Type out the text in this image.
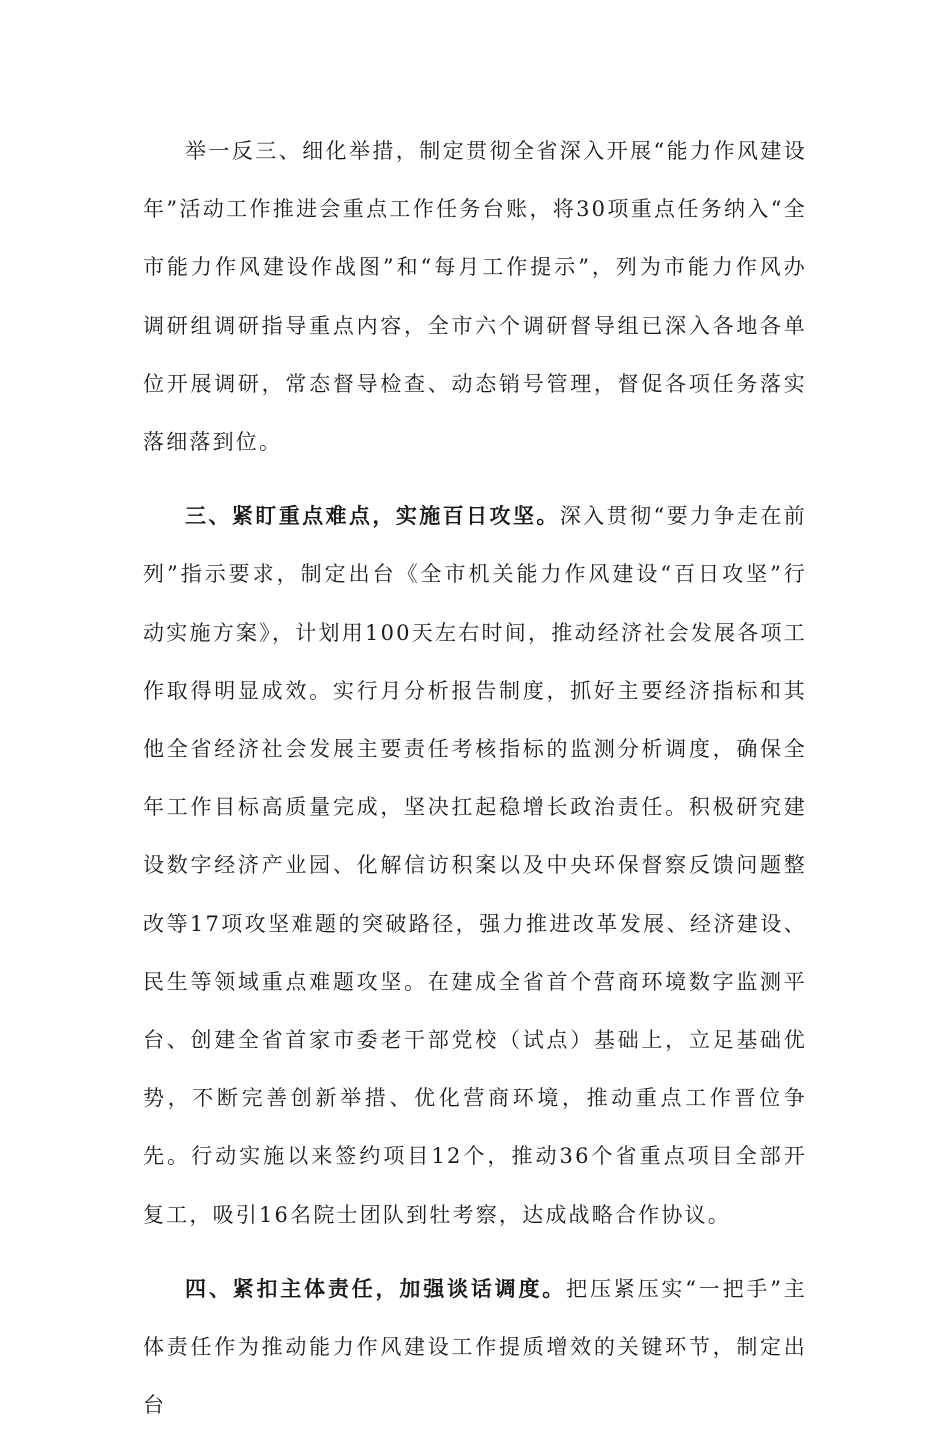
举一反三、细化举措，制定贯彻全省深入开展“能力作风建设年”活动工作推进会重点工作任务台账，将30项重点任务纳入“全市能力作风建设作战图”和“每月工作提示”，列为市能力作风办调研组调研指导重点内容，全市六个调研督导组已深入各地各单位开展调研，常态督导检查、动态销号管理，督促各项任务落实落细落到位。

三、紧盯重点难点，实施百日攻坚。深入贯彻“要力争走在前列”指示要求，制定出台《全市机关能力作风建设“百日攻坚”行动实施方案》，计划用100天左右时间，推动经济社会发展各项工作取得明显成效。实行月分析报告制度，抓好主要经济指标和其他全省经济社会发展主要责任考核指标的监测分析调度，确保全年工作目标高质量完成，坚决扛起稳增长政治责任。积极研究建设数字经济产业园、化解信访积案以及中央环保督察反馈问题整改等17项攻坚难题的突破路径，强力推进改革发展、经济建设、民生等领域重点难题攻坚。在建成全省首个营商环境数字监测平台、创建全省首家市委老干部党校（试点）基础上，立足基础优势，不断完善创新举措、优化营商环境，推动重点工作晋位争先。行动实施以来签约项目12个，推动36个省重点项目全部开复工，吸引16名院士团队到牡考察，达成战略合作协议。

四、紧扣主体责任，加强谈话调度。把压紧压实“一把手”主体责任作为推动能力作风建设工作提质增效的关键环节，制定出台
